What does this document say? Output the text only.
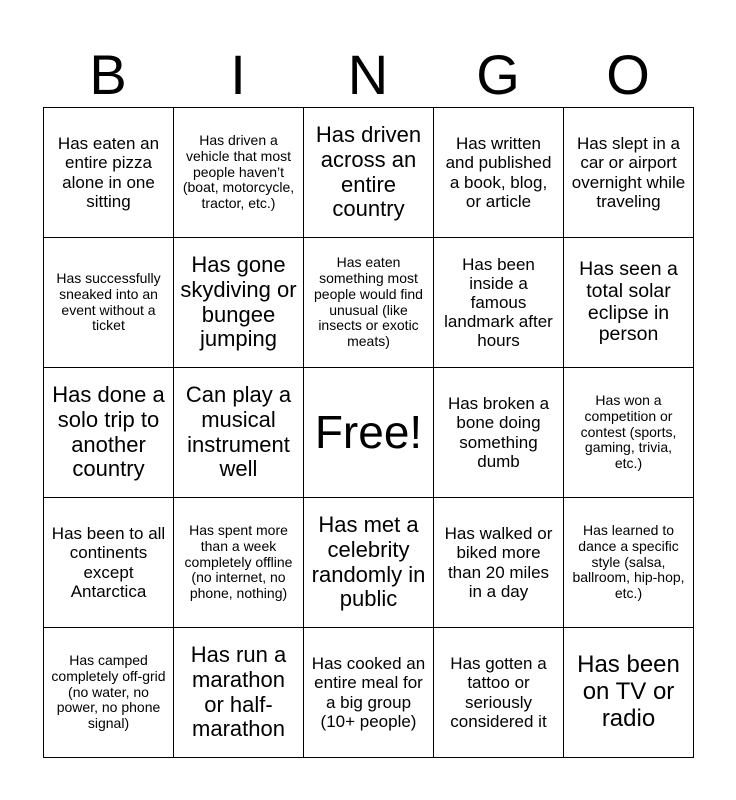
B	I	N	G	O
Has eaten an entire pizza alone in one sitting	Has driven a vehicle that most people haven’t (boat, motorcycle, tractor, etc.)	Has driven across an entire country	Has written and published a book, blog, or article	Has slept in a car or airport overnight while traveling
Has successfully sneaked into an event without a ticket	Has gone skydiving or bungee jumping	Has eaten something most people would find unusual (like insects or exotic meats)	Has been inside a famous landmark after hours	Has seen a total solar eclipse in person
Has done a solo trip to another country	Can play a musical instrument well	Free!	Has broken a bone doing something dumb	Has won a competition or contest (sports, gaming, trivia, etc.)
Has been to all continents except Antarctica	Has spent more than a week completely offline (no internet, no phone, nothing)	Has met a celebrity randomly in public	Has walked or biked more than 20 miles in a day	Has learned to dance a specific style (salsa, ballroom, hip-hop, etc.)
Has camped completely off-grid (no water, no power, no phone signal)	Has run a marathon or half-marathon	Has cooked an entire meal for a big group (10+ people)	Has gotten a tattoo or seriously considered it	Has been on TV or radio
